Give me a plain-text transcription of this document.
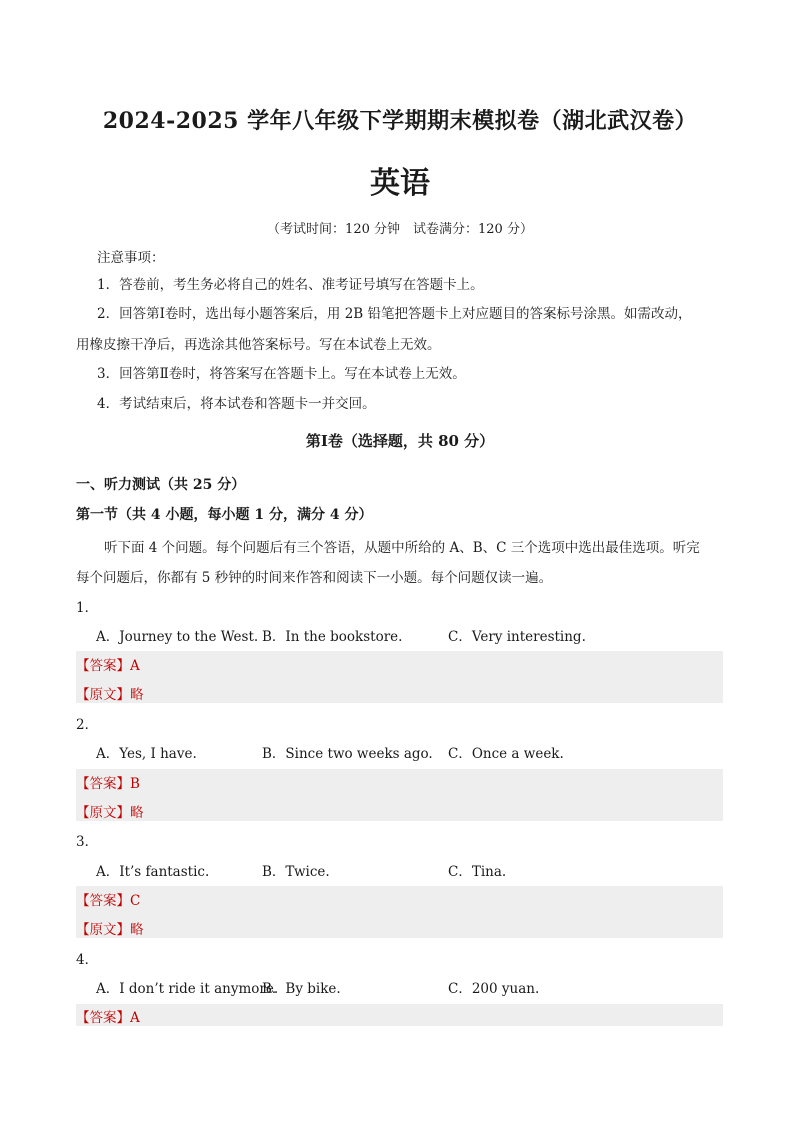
2024-2025 学年八年级下学期期末模拟卷（湖北武汉卷）
英语
（考试时间：120 分钟　试卷满分：120 分）
注意事项：
1．答卷前，考生务必将自己的姓名、准考证号填写在答题卡上。
2．回答第Ⅰ卷时，选出每小题答案后，用 2B 铅笔把答题卡上对应题目的答案标号涂黑。如需改动，
用橡皮擦干净后，再选涂其他答案标号。写在本试卷上无效。
3．回答第Ⅱ卷时，将答案写在答题卡上。写在本试卷上无效。
4．考试结束后，将本试卷和答题卡一并交回。
第Ⅰ卷（选择题，共 80 分）
一、听力测试（共 25 分）
第一节（共 4 小题，每小题 1 分，满分 4 分）
听下面 4 个问题。每个问题后有三个答语，从题中所给的 A、B、C 三个选项中选出最佳选项。听完
每个问题后，你都有 5 秒钟的时间来作答和阅读下一小题。每个问题仅读一遍。
1．
A．Journey to the West. B．In the bookstore.	C．Very interesting.
【答案】A
【原文】略
2．
A．Yes, I have.	B．Since two weeks ago. C．Once a week.
【答案】B
【原文】略
3．
A．It’s fantastic.	B．Twice.	C．Tina.
【答案】C
【原文】略
4．
A．I don’t ride it anymore.
B．By bike.	C．200 yuan.
【答案】A
